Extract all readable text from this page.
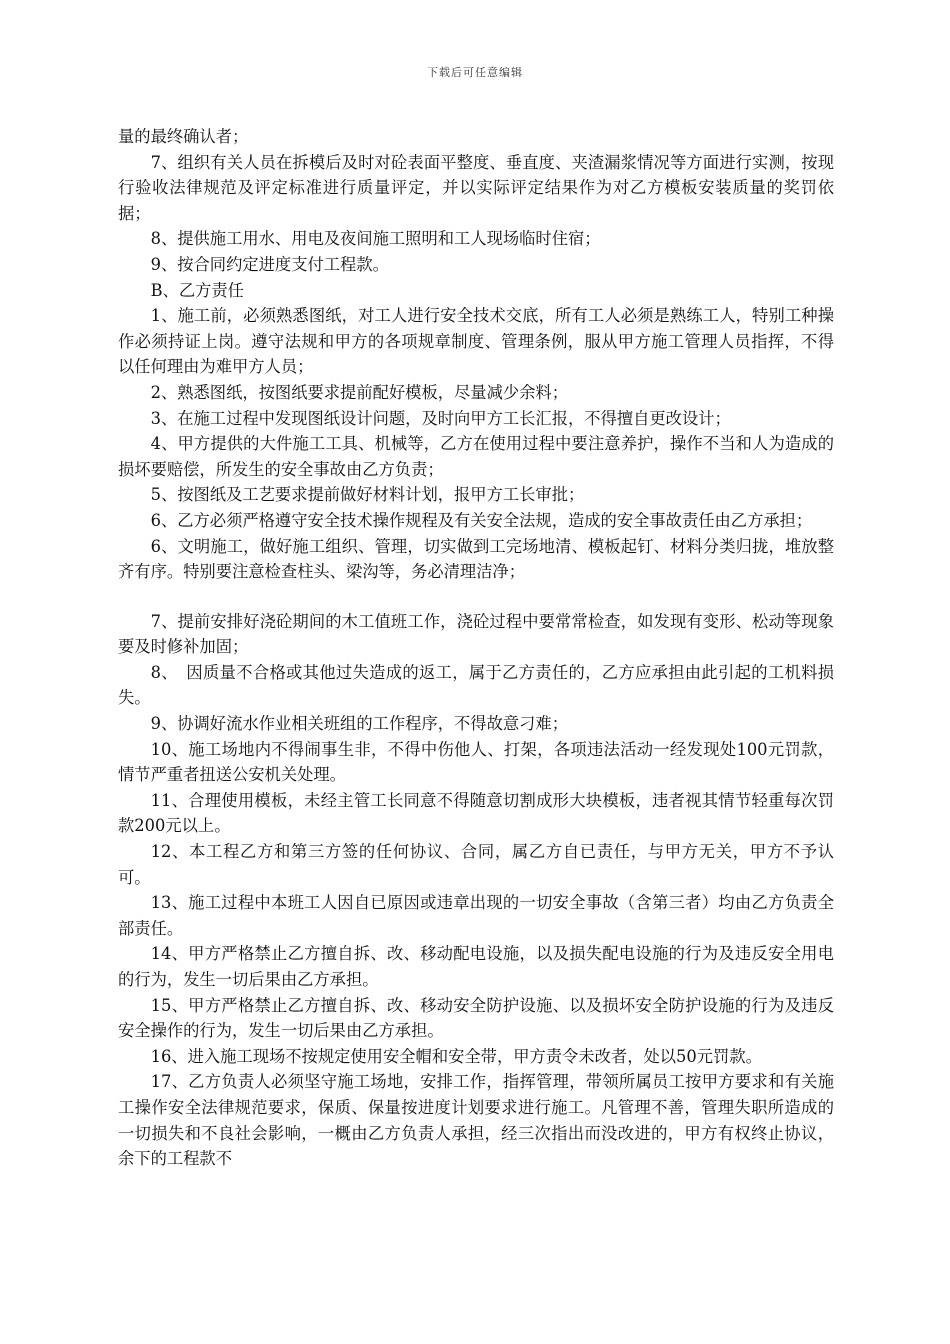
下载后可任意编辑

量的最终确认者；

7、组织有关人员在拆模后及时对砼表面平整度、垂直度、夹渣漏浆情况等方面进行实测，按现行验收法律规范及评定标准进行质量评定，并以实际评定结果作为对乙方模板安装质量的奖罚依据；

8、提供施工用水、用电及夜间施工照明和工人现场临时住宿；

9、按合同约定进度支付工程款。

B、乙方责任

1、施工前，必须熟悉图纸，对工人进行安全技术交底，所有工人必须是熟练工人，特别工种操作必须持证上岗。遵守法规和甲方的各项规章制度、管理条例，服从甲方施工管理人员指挥，不得以任何理由为难甲方人员；

2、熟悉图纸，按图纸要求提前配好模板，尽量减少余料；

3、在施工过程中发现图纸设计问题，及时向甲方工长汇报，不得擅自更改设计；

4、甲方提供的大件施工工具、机械等，乙方在使用过程中要注意养护，操作不当和人为造成的损坏要赔偿，所发生的安全事故由乙方负责；

5、按图纸及工艺要求提前做好材料计划，报甲方工长审批；

6、乙方必须严格遵守安全技术操作规程及有关安全法规，造成的安全事故责任由乙方承担；

6、文明施工，做好施工组织、管理，切实做到工完场地清、模板起钉、材料分类归拢，堆放整齐有序。特别要注意检查柱头、梁沟等，务必清理洁净；

7、提前安排好浇砼期间的木工值班工作，浇砼过程中要常常检查，如发现有变形、松动等现象要及时修补加固；

8、　因质量不合格或其他过失造成的返工，属于乙方责任的，乙方应承担由此引起的工机料损失。

9、协调好流水作业相关班组的工作程序，不得故意刁难；

10、施工场地内不得闹事生非，不得中伤他人、打架，各项违法活动一经发现处100元罚款，情节严重者扭送公安机关处理。

11、合理使用模板，未经主管工长同意不得随意切割成形大块模板，违者视其情节轻重每次罚款200元以上。

12、本工程乙方和第三方签的任何协议、合同，属乙方自已责任，与甲方无关，甲方不予认可。

13、施工过程中本班工人因自已原因或违章出现的一切安全事故（含第三者）均由乙方负责全部责任。

14、甲方严格禁止乙方擅自拆、改、移动配电设施，以及损失配电设施的行为及违反安全用电的行为，发生一切后果由乙方承担。

15、甲方严格禁止乙方擅自拆、改、移动安全防护设施、以及损坏安全防护设施的行为及违反安全操作的行为，发生一切后果由乙方承担。

16、进入施工现场不按规定使用安全帽和安全带，甲方责令未改者，处以50元罚款。

17、乙方负责人必须坚守施工场地，安排工作，指挥管理，带领所属员工按甲方要求和有关施工操作安全法律规范要求，保质、保量按进度计划要求进行施工。凡管理不善，管理失职所造成的一切损失和不良社会影响，一概由乙方负责人承担，经三次指出而没改进的，甲方有权终止协议，余下的工程款不
